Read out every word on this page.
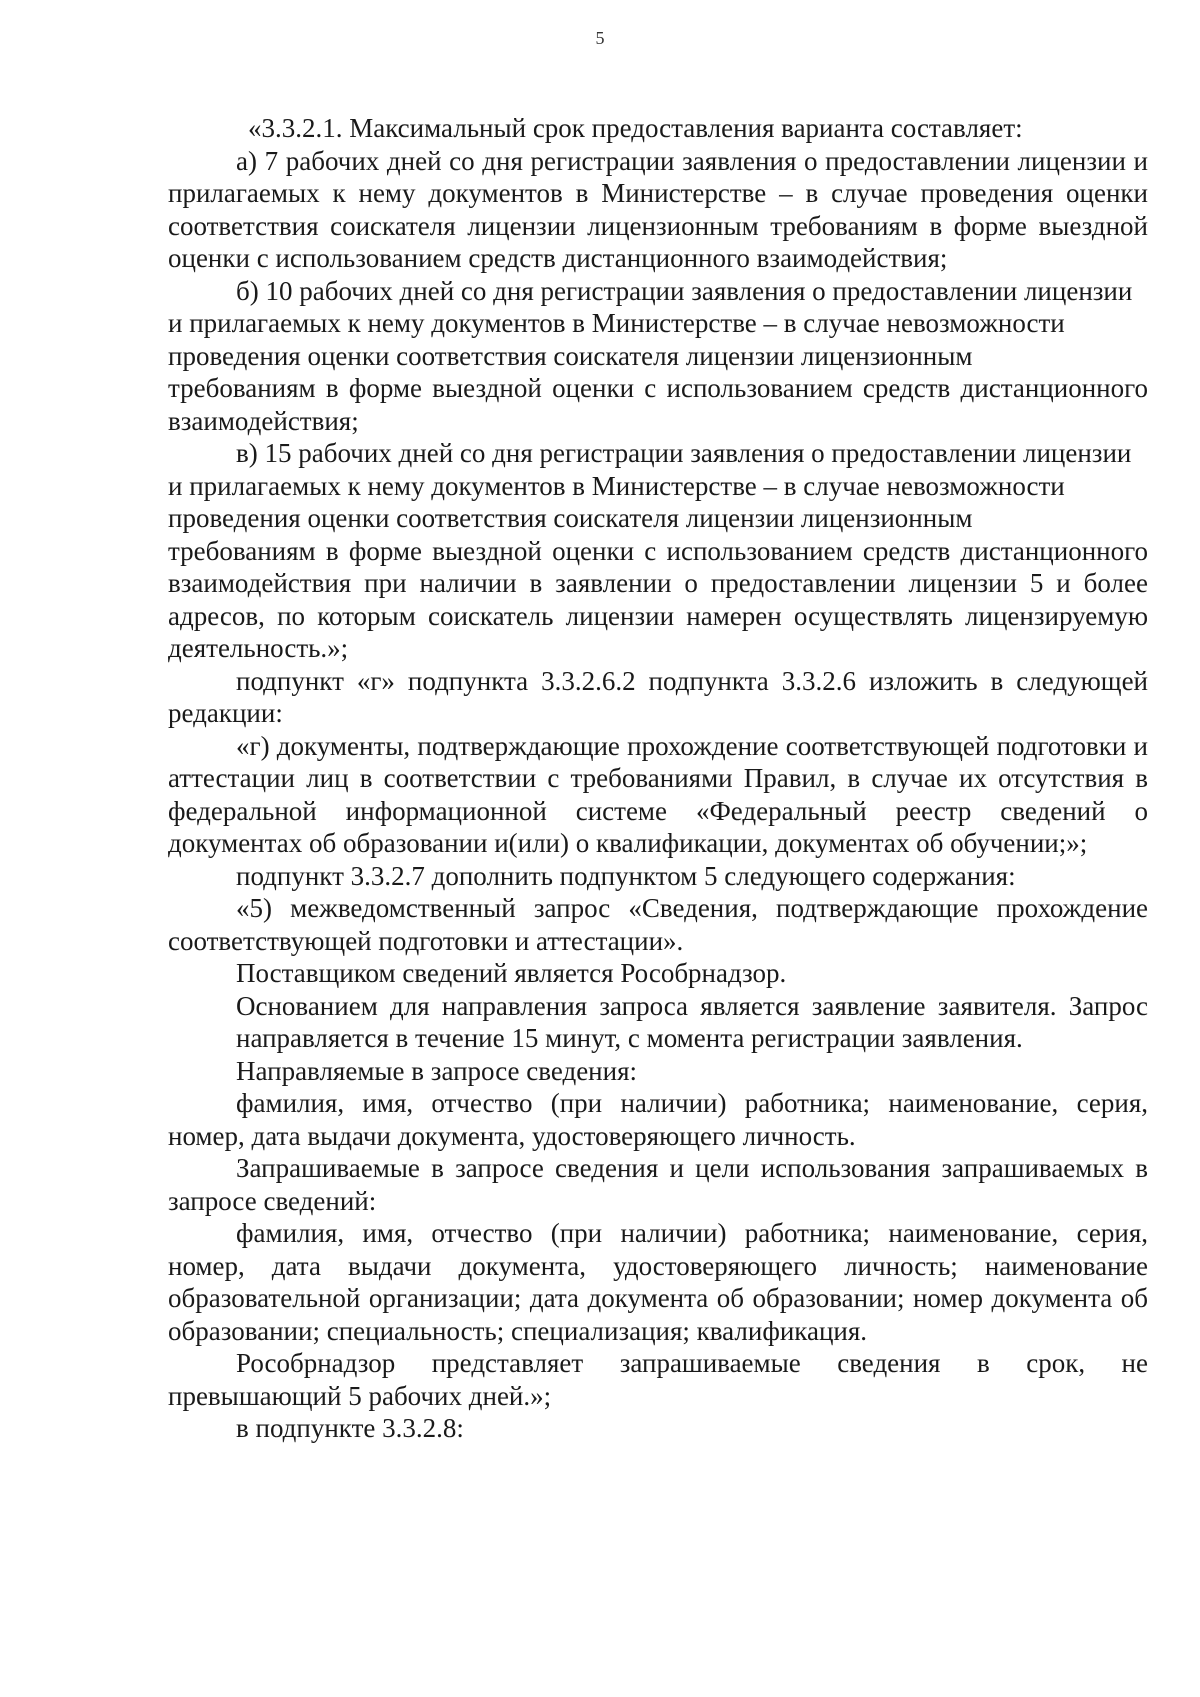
5

«3.3.2.1. Максимальный срок предоставления варианта составляет:

а) 7 рабочих дней со дня регистрации заявления о предоставлении лицензии и прилагаемых к нему документов в Министерстве – в случае проведения оценки соответствия соискателя лицензии лицензионным требованиям в форме выездной оценки с использованием средств дистанционного взаимодействия;

б) 10 рабочих дней со дня регистрации заявления о предоставлении лицензии и прилагаемых к нему документов в Министерстве – в случае невозможности проведения оценки соответствия соискателя лицензии лицензионным

требованиям в форме выездной оценки с использованием средств дистанционного взаимодействия;

в) 15 рабочих дней со дня регистрации заявления о предоставлении лицензии и прилагаемых к нему документов в Министерстве – в случае невозможности проведения оценки соответствия соискателя лицензии лицензионным

требованиям в форме выездной оценки с использованием средств дистанционного взаимодействия при наличии в заявлении о предоставлении лицензии 5 и более адресов, по которым соискатель лицензии намерен осуществлять лицензируемую деятельность.»;

подпункт «г» подпункта 3.3.2.6.2 подпункта 3.3.2.6 изложить в следующей редакции:

«г) документы, подтверждающие прохождение соответствующей подготовки и аттестации лиц в соответствии с требованиями Правил, в случае их отсутствия в федеральной информационной системе «Федеральный реестр сведений о документах об образовании и(или) о квалификации, документах об обучении;»;

подпункт 3.3.2.7 дополнить подпунктом 5 следующего содержания:

«5) межведомственный запрос «Сведения, подтверждающие прохождение соответствующей подготовки и аттестации».

Поставщиком сведений является Рособрнадзор.

Основанием для направления запроса является заявление заявителя. Запрос направляется в течение 15 минут, с момента регистрации заявления.

Направляемые в запросе сведения:

фамилия, имя, отчество (при наличии) работника; наименование, серия, номер, дата выдачи документа, удостоверяющего личность.

Запрашиваемые в запросе сведения и цели использования запрашиваемых в запросе сведений:

фамилия, имя, отчество (при наличии) работника; наименование, серия, номер, дата выдачи документа, удостоверяющего личность; наименование образовательной организации; дата документа об образовании; номер документа об образовании; специальность; специализация; квалификация.

Рособрнадзор представляет запрашиваемые сведения в срок, не превышающий 5 рабочих дней.»;

в подпункте 3.3.2.8:
